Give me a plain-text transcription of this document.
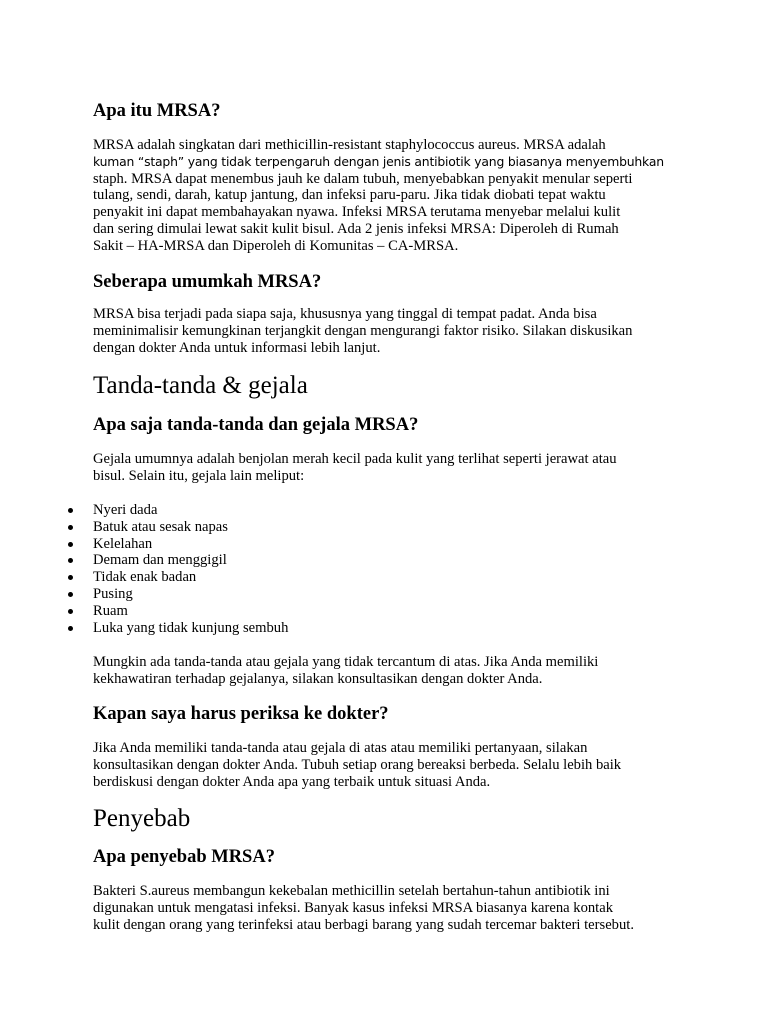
Apa itu MRSA?
MRSA adalah singkatan dari methicillin-resistant staphylococcus aureus. MRSA adalah
kuman “staph” yang tidak terpengaruh dengan jenis antibiotik yang biasanya menyembuhkan
staph. MRSA dapat menembus jauh ke dalam tubuh, menyebabkan penyakit menular seperti
tulang, sendi, darah, katup jantung, dan infeksi paru-paru. Jika tidak diobati tepat waktu
penyakit ini dapat membahayakan nyawa. Infeksi MRSA terutama menyebar melalui kulit
dan sering dimulai lewat sakit kulit bisul. Ada 2 jenis infeksi MRSA: Diperoleh di Rumah
Sakit – HA-MRSA dan Diperoleh di Komunitas – CA-MRSA.
Seberapa umumkah MRSA?
MRSA bisa terjadi pada siapa saja, khususnya yang tinggal di tempat padat. Anda bisa
meminimalisir kemungkinan terjangkit dengan mengurangi faktor risiko. Silakan diskusikan
dengan dokter Anda untuk informasi lebih lanjut.
Tanda-tanda & gejala
Apa saja tanda-tanda dan gejala MRSA?
Gejala umumnya adalah benjolan merah kecil pada kulit yang terlihat seperti jerawat atau
bisul. Selain itu, gejala lain meliput:
Nyeri dada
Batuk atau sesak napas
Kelelahan
Demam dan menggigil
Tidak enak badan
Pusing
Ruam
Luka yang tidak kunjung sembuh
Mungkin ada tanda-tanda atau gejala yang tidak tercantum di atas. Jika Anda memiliki
kekhawatiran terhadap gejalanya, silakan konsultasikan dengan dokter Anda.
Kapan saya harus periksa ke dokter?
Jika Anda memiliki tanda-tanda atau gejala di atas atau memiliki pertanyaan, silakan
konsultasikan dengan dokter Anda. Tubuh setiap orang bereaksi berbeda. Selalu lebih baik
berdiskusi dengan dokter Anda apa yang terbaik untuk situasi Anda.
Penyebab
Apa penyebab MRSA?
Bakteri S.aureus membangun kekebalan methicillin setelah bertahun-tahun antibiotik ini
digunakan untuk mengatasi infeksi. Banyak kasus infeksi MRSA biasanya karena kontak
kulit dengan orang yang terinfeksi atau berbagi barang yang sudah tercemar bakteri tersebut.
